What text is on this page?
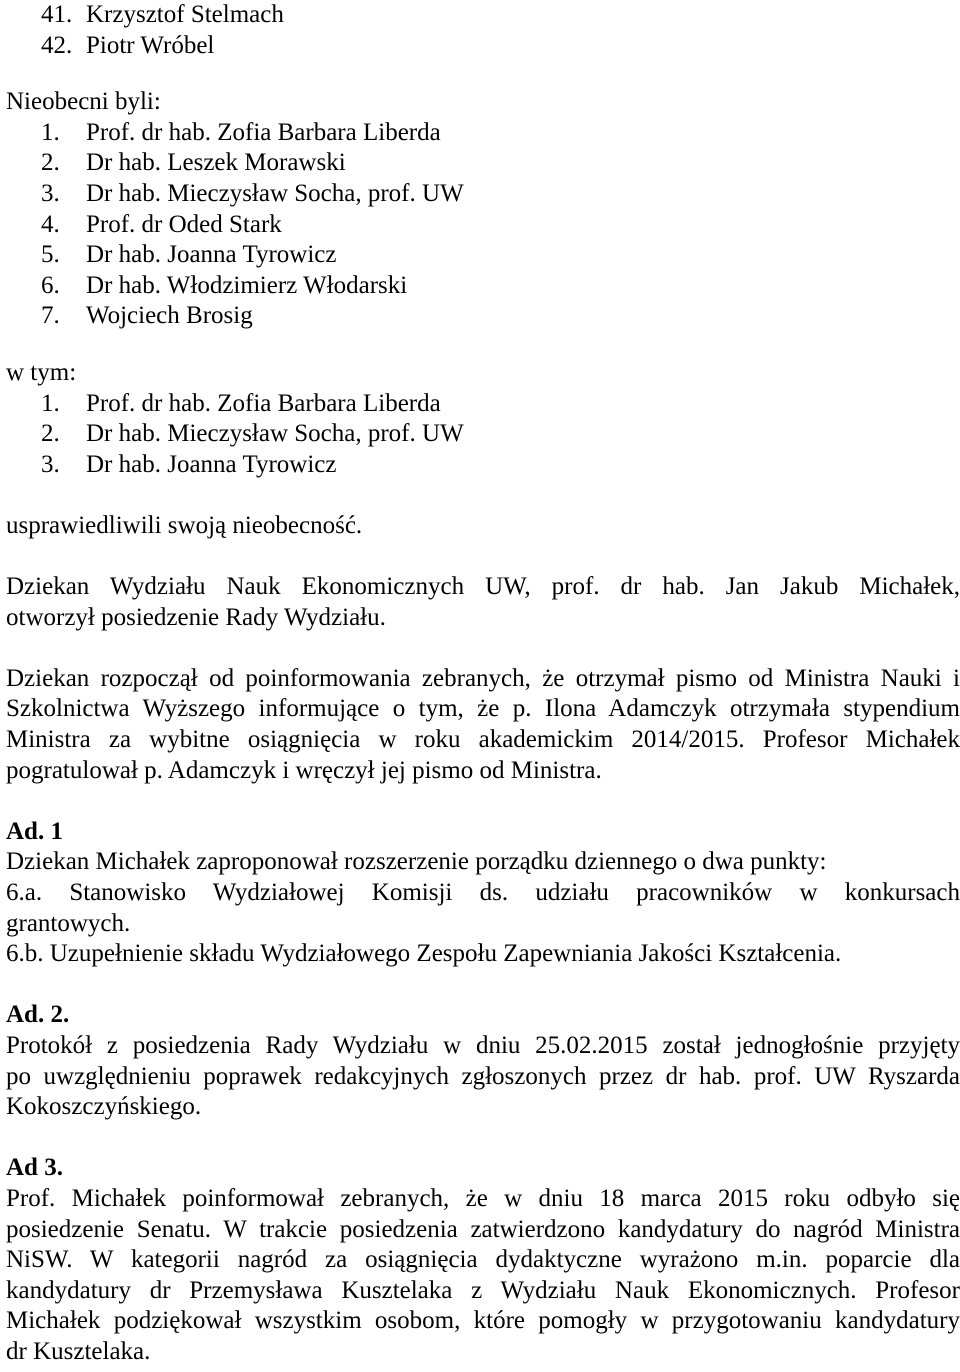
41. Krzysztof Stelmach
42. Piotr Wróbel
Nieobecni byli:
1. Prof. dr hab. Zofia Barbara Liberda
2. Dr hab. Leszek Morawski
3. Dr hab. Mieczysław Socha, prof. UW
4. Prof. dr Oded Stark
5. Dr hab. Joanna Tyrowicz
6. Dr hab. Włodzimierz Włodarski
7. Wojciech Brosig
w tym:
1. Prof. dr hab. Zofia Barbara Liberda
2. Dr hab. Mieczysław Socha, prof. UW
3. Dr hab. Joanna Tyrowicz
usprawiedliwili swoją nieobecność.
Dziekan Wydziału Nauk Ekonomicznych UW, prof. dr hab. Jan Jakub Michałek,
otworzył posiedzenie Rady Wydziału.
Dziekan rozpoczął od poinformowania zebranych, że otrzymał pismo od Ministra Nauki i
Szkolnictwa Wyższego informujące o tym, że p. Ilona Adamczyk otrzymała stypendium
Ministra za wybitne osiągnięcia w roku akademickim 2014/2015. Profesor Michałek
pogratulował p. Adamczyk i wręczył jej pismo od Ministra.
Ad. 1
Dziekan Michałek zaproponował rozszerzenie porządku dziennego o dwa punkty:
6.a. Stanowisko Wydziałowej Komisji ds. udziału pracowników w konkursach
grantowych.
6.b. Uzupełnienie składu Wydziałowego Zespołu Zapewniania Jakości Kształcenia.
Ad. 2.
Protokół z posiedzenia Rady Wydziału w dniu 25.02.2015 został jednogłośnie przyjęty
po uwzględnieniu poprawek redakcyjnych zgłoszonych przez dr hab. prof. UW Ryszarda
Kokoszczyńskiego.
Ad 3.
Prof. Michałek poinformował zebranych, że w dniu 18 marca 2015 roku odbyło się
posiedzenie Senatu. W trakcie posiedzenia zatwierdzono kandydatury do nagród Ministra
NiSW. W kategorii nagród za osiągnięcia dydaktyczne wyrażono m.in. poparcie dla
kandydatury dr Przemysława Kusztelaka z Wydziału Nauk Ekonomicznych. Profesor
Michałek podziękował wszystkim osobom, które pomogły w przygotowaniu kandydatury
dr Kusztelaka.
